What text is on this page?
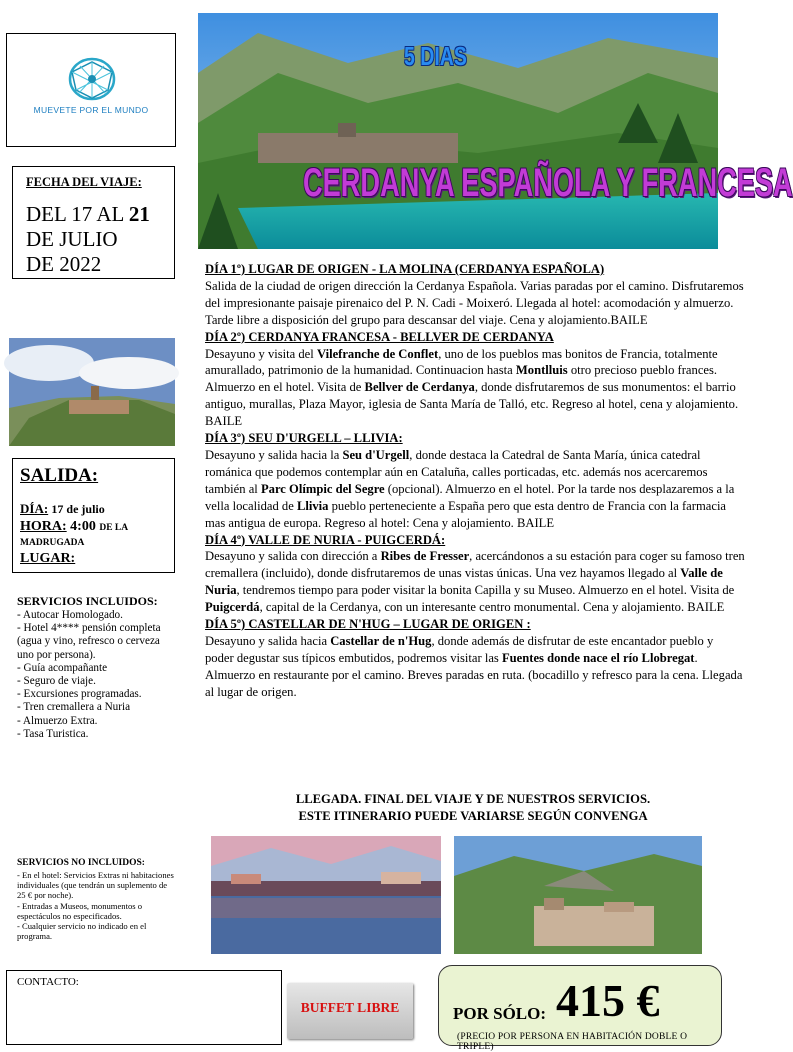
MUEVETE POR EL MUNDO
5 DIAS
CERDANYA ESPAÑOLA Y FRANCESA
FECHA DEL VIAJE:
DEL 17 AL 21
DE JULIO
DE 2022
SALIDA:
DÍA: 17 de julio
HORA: 4:00 DE LA
MADRUGADA
LUGAR:
SERVICIOS INCLUIDOS:
- Autocar Homologado.
- Hotel 4**** pensión completa (agua y vino, refresco o cerveza uno por persona).
- Guía acompañante
- Seguro de viaje.
- Excursiones programadas.
- Tren cremallera a Nuria
- Almuerzo Extra.
- Tasa Turistica.
SERVICIOS NO INCLUIDOS:
- En el hotel: Servicios Extras ni habitaciones individuales (que tendrán un suplemento de 25 € por noche).
- Entradas a Museos, monumentos o espectáculos no especificados.
- Cualquier servicio no indicado en el programa.
DÍA 1º) LUGAR DE ORIGEN - LA MOLINA (CERDANYA ESPAÑOLA)

Salida de la ciudad de origen dirección la Cerdanya Española. Varias paradas por el camino. Disfrutaremos del impresionante paisaje pirenaico del P. N. Cadi - Moixeró. Llegada al hotel: acomodación y almuerzo. Tarde libre a disposición del grupo para descansar del viaje. Cena y alojamiento.BAILE

DÍA 2º) CERDANYA FRANCESA - BELLVER DE CERDANYA

Desayuno y visita del Vilefranche de Conflet, uno de los pueblos mas bonitos de Francia, totalmente amurallado, patrimonio de la humanidad. Continuacion hasta Montlluis otro precioso pueblo frances. Almuerzo en el hotel. Visita de Bellver de Cerdanya, donde disfrutaremos de sus monumentos: el barrio antiguo, murallas, Plaza Mayor, iglesia de Santa María de Talló, etc. Regreso al hotel, cena y alojamiento. BAILE

DÍA 3º) SEU D'URGELL – LLIVIA:

Desayuno y salida hacia la Seu d'Urgell, donde destaca la Catedral de Santa María, única catedral románica que podemos contemplar aún en Cataluña, calles porticadas, etc. además nos acercaremos también al Parc Olímpic del Segre (opcional). Almuerzo en el hotel. Por la tarde nos desplazaremos a la vella localidad de Llivia pueblo perteneciente a España pero que esta dentro de Francia con la farmacia mas antigua de europa. Regreso al hotel: Cena y alojamiento. BAILE

DÍA 4º) VALLE DE NURIA - PUIGCERDÁ:

Desayuno y salida con dirección a Ribes de Fresser, acercándonos a su estación para coger su famoso tren cremallera (incluido), donde disfrutaremos de unas vistas únicas. Una vez hayamos llegado al Valle de Nuria, tendremos tiempo para poder visitar la bonita Capilla y su Museo. Almuerzo en el hotel. Visita de Puigcerdá, capital de la Cerdanya, con un interesante centro monumental. Cena y alojamiento. BAILE

DÍA 5º) CASTELLAR DE N'HUG – LUGAR DE ORIGEN :

Desayuno y salida hacia Castellar de n'Hug, donde además de disfrutar de este encantador pueblo y poder degustar sus típicos embutidos, podremos visitar las Fuentes donde nace el río Llobregat. Almuerzo en restaurante por el camino. Breves paradas en ruta. (bocadillo y refresco para la cena. Llegada al lugar de origen.

LLEGADA. FINAL DEL VIAJE Y DE NUESTROS SERVICIOS.
ESTE ITINERARIO PUEDE VARIARSE SEGÚN CONVENGA
CONTACTO:
BUFFET LIBRE	POR SÓLO: 415 €
(PRECIO POR PERSONA EN HABITACIÓN DOBLE O TRIPLE)
